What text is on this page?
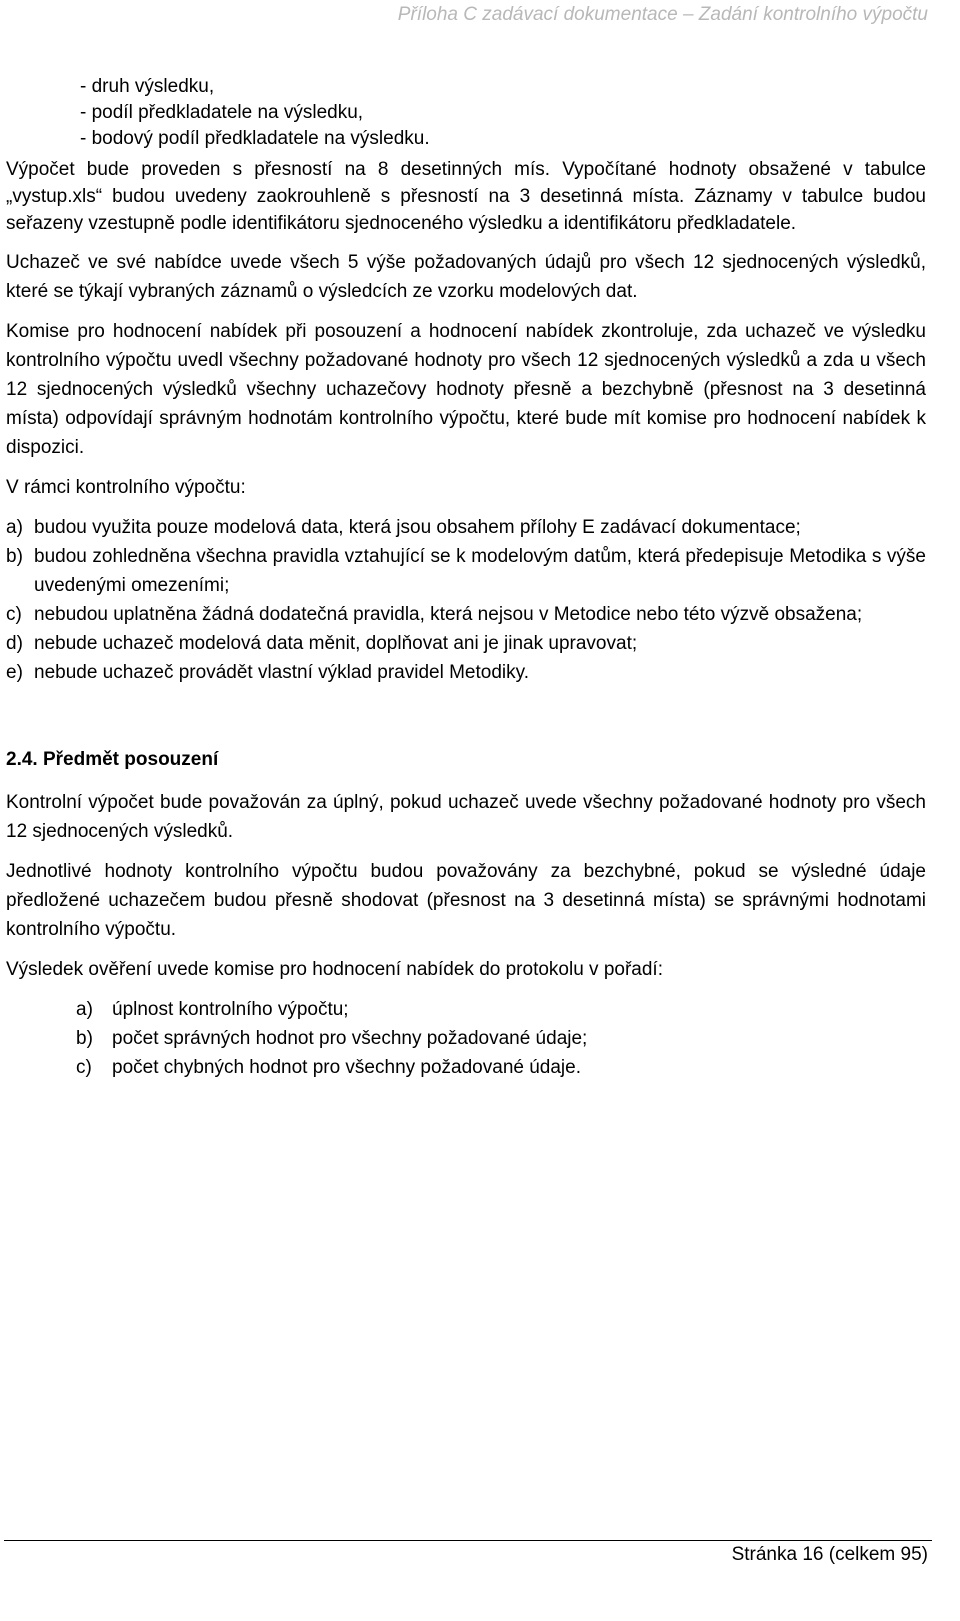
Příloha C zadávací dokumentace – Zadání kontrolního výpočtu
- druh výsledku,
- podíl předkladatele na výsledku,
- bodový podíl předkladatele na výsledku.

Výpočet bude proveden s přesností na 8 desetinných mís. Vypočítané hodnoty obsažené v tabulce „vystup.xls“ budou uvedeny zaokrouhleně s přesností na 3 desetinná místa. Záznamy v tabulce budou seřazeny vzestupně podle identifikátoru sjednoceného výsledku a identifikátoru předkladatele.

Uchazeč ve své nabídce uvede všech 5 výše požadovaných údajů pro všech 12 sjednocených výsledků, které se týkají vybraných záznamů o výsledcích ze vzorku modelových dat.

Komise pro hodnocení nabídek při posouzení a hodnocení nabídek zkontroluje, zda uchazeč ve výsledku kontrolního výpočtu uvedl všechny požadované hodnoty pro všech 12 sjednocených výsledků a zda u všech 12 sjednocených výsledků všechny uchazečovy hodnoty přesně a bezchybně (přesnost na 3 desetinná místa) odpovídají správným hodnotám kontrolního výpočtu, které bude mít komise pro hodnocení nabídek k dispozici.

V rámci kontrolního výpočtu:

a) budou využita pouze modelová data, která jsou obsahem přílohy E zadávací dokumentace;
b) budou zohledněna všechna pravidla vztahující se k modelovým datům, která předepisuje Metodika s výše uvedenými omezeními;
c) nebudou uplatněna žádná dodatečná pravidla, která nejsou v Metodice nebo této výzvě obsažena;
d) nebude uchazeč modelová data měnit, doplňovat ani je jinak upravovat;
e) nebude uchazeč provádět vlastní výklad pravidel Metodiky.
2.4. Předmět posouzení

Kontrolní výpočet bude považován za úplný, pokud uchazeč uvede všechny požadované hodnoty pro všech 12 sjednocených výsledků.

Jednotlivé hodnoty kontrolního výpočtu budou považovány za bezchybné, pokud se výsledné údaje předložené uchazečem budou přesně shodovat (přesnost na 3 desetinná místa) se správnými hodnotami kontrolního výpočtu.

Výsledek ověření uvede komise pro hodnocení nabídek do protokolu v pořadí:

a) úplnost kontrolního výpočtu;
b) počet správných hodnot pro všechny požadované údaje;
c) počet chybných hodnot pro všechny požadované údaje.
Stránka 16 (celkem 95)
